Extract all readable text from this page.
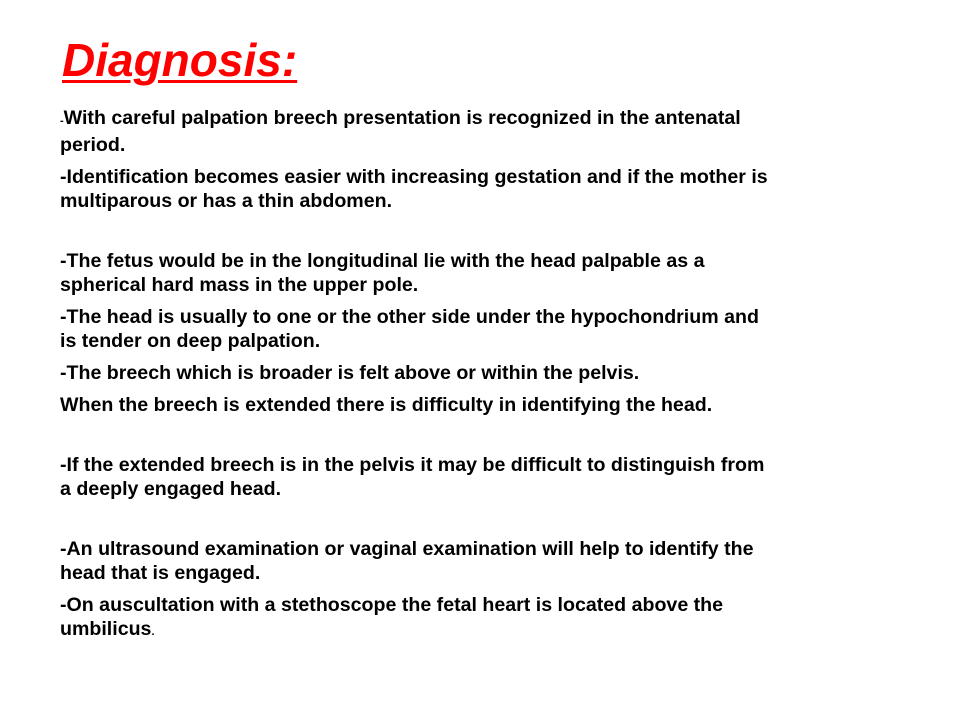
Diagnosis:

-With careful palpation breech presentation is recognized in the antenatal
period.

-Identification becomes easier with increasing gestation and if the mother is
multiparous or has a thin abdomen.

-The fetus would be in the longitudinal lie with the head palpable as a
spherical hard mass in the upper pole.

-The head is usually to one or the other side under the hypochondrium and
is tender on deep palpation.

-The breech which is broader is felt above or within the pelvis.

When the breech is extended there is difficulty in identifying the head.

-If the extended breech is in the pelvis it may be difficult to distinguish from
a deeply engaged head.

-An ultrasound examination or vaginal examination will help to identify the
head that is engaged.

-On auscultation with a stethoscope the fetal heart is located above the
umbilicus.
